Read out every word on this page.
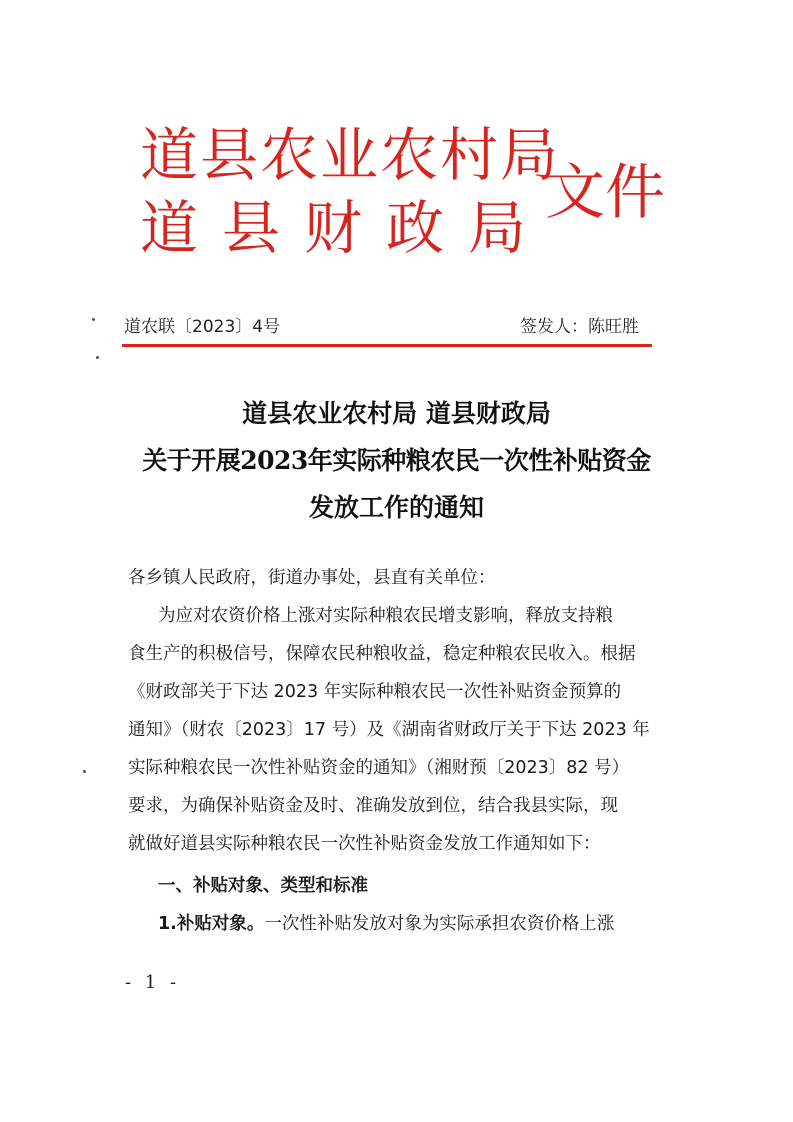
道县农业农村局
道县财政局
文件
道农联〔2023〕4号	签发人：陈旺胜
道县农业农村局 道县财政局
关于开展2023年实际种粮农民一次性补贴资金
发放工作的通知
各乡镇人民政府，街道办事处，县直有关单位：
为应对农资价格上涨对实际种粮农民增支影响，释放支持粮
食生产的积极信号，保障农民种粮收益，稳定种粮农民收入。根据
《财政部关于下达 2023 年实际种粮农民一次性补贴资金预算的
通知》（财农〔2023〕17 号）及《湖南省财政厅关于下达 2023 年
实际种粮农民一次性补贴资金的通知》（湘财预〔2023〕82 号）
要求，为确保补贴资金及时、准确发放到位，结合我县实际，现
就做好道县实际种粮农民一次性补贴资金发放工作通知如下：
一、补贴对象、类型和标准
1.补贴对象。一次性补贴发放对象为实际承担农资价格上涨
- 1 -
